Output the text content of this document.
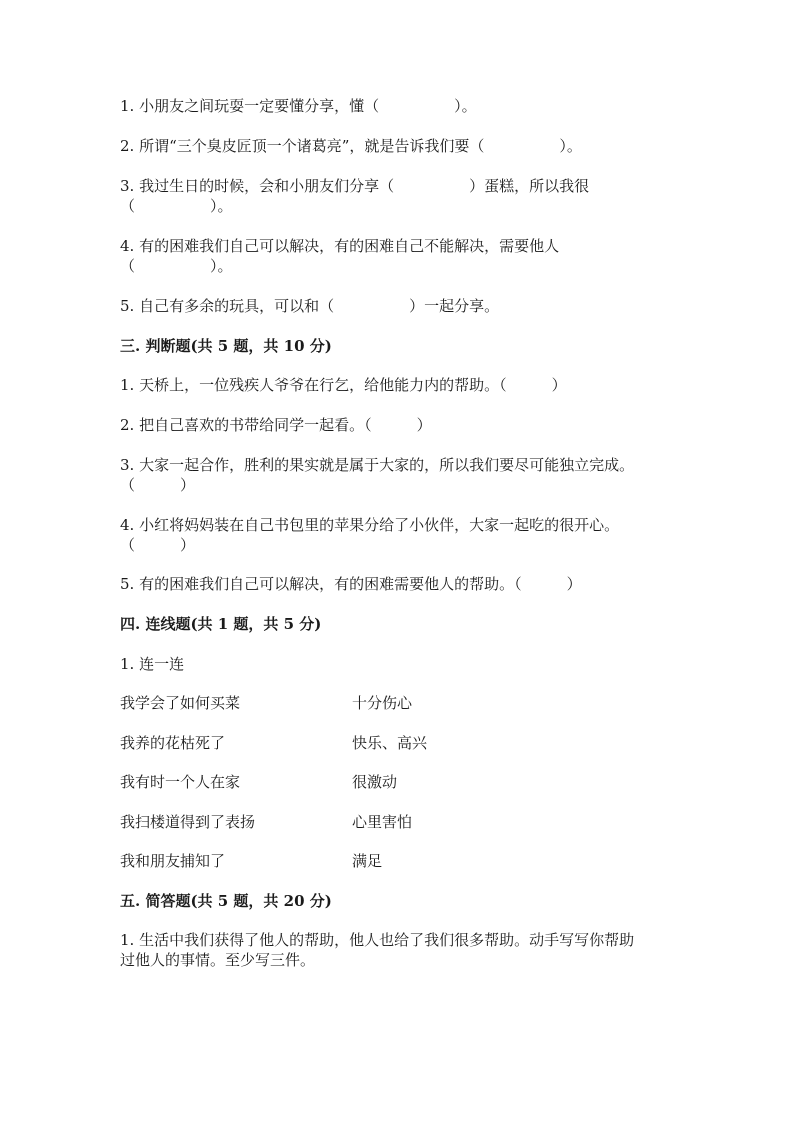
1. 小朋友之间玩耍一定要懂分享，懂（　　　　　）。
2. 所谓“三个臭皮匠顶一个诸葛亮”，就是告诉我们要（　　　　　）。
3. 我过生日的时候，会和小朋友们分享（　　　　　）蛋糕，所以我很
（　　　　　）。
4. 有的困难我们自己可以解决，有的困难自己不能解决，需要他人
（　　　　　）。
5. 自己有多余的玩具，可以和（　　　　　）一起分享。
三. 判断题(共 5 题，共 10 分)
1. 天桥上，一位残疾人爷爷在行乞，给他能力内的帮助。（　　　）
2. 把自己喜欢的书带给同学一起看。（　　　）
3. 大家一起合作，胜利的果实就是属于大家的，所以我们要尽可能独立完成。
（　　　）
4. 小红将妈妈装在自己书包里的苹果分给了小伙伴，大家一起吃的很开心。
（　　　）
5. 有的困难我们自己可以解决，有的困难需要他人的帮助。（　　　）
四. 连线题(共 1 题，共 5 分)
1. 连一连
我学会了如何买菜	十分伤心
我养的花枯死了	快乐、高兴
我有时一个人在家	很激动
我扫楼道得到了表扬	心里害怕
我和朋友捕知了	满足
五. 简答题(共 5 题，共 20 分)
1. 生活中我们获得了他人的帮助，他人也给了我们很多帮助。动手写写你帮助
过他人的事情。至少写三件。
